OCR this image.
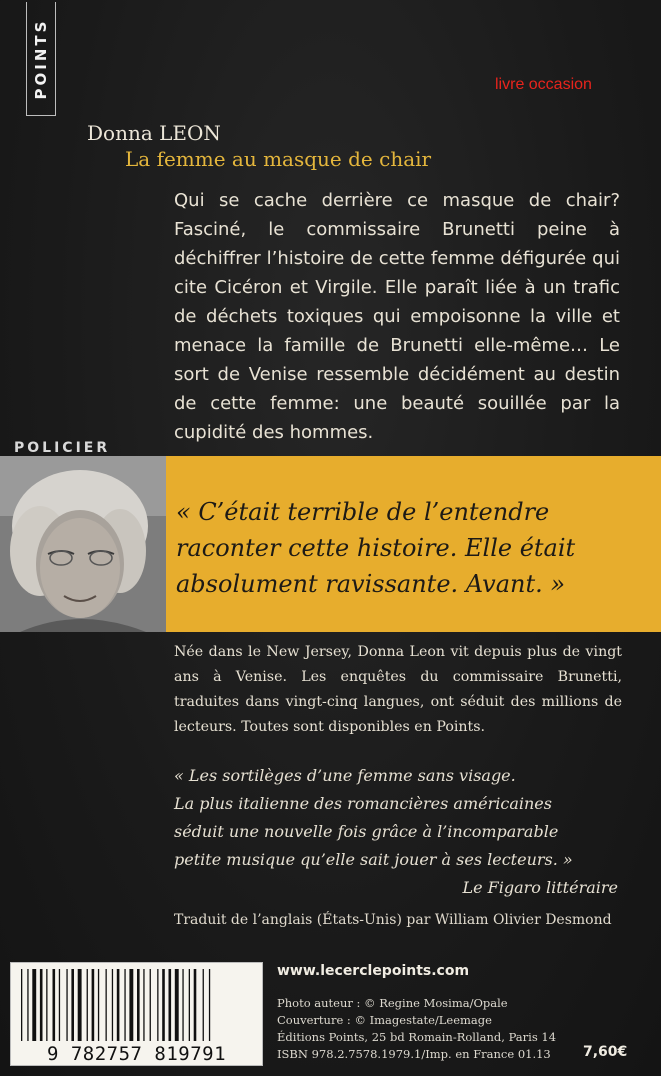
POINTS	livre occasion
Donna LEON
La femme au masque de chair

Qui se cache derrière ce masque de chair? Fasciné, le commissaire Brunetti peine à déchiffrer l’histoire de cette femme défigurée qui cite Cicéron et Virgile. Elle paraît liée à un trafic de déchets toxiques qui empoisonne la ville et menace la famille de Brunetti elle-même… Le sort de Venise ressemble décidément au destin de cette femme: une beauté souillée par la cupidité des hommes.

POLICIER

« C’était terrible de l’entendre raconter cette histoire. Elle était absolument ravissante. Avant. »

Née dans le New Jersey, Donna Leon vit depuis plus de vingt ans à Venise. Les enquêtes du commissaire Brunetti, traduites dans vingt-cinq langues, ont séduit des millions de lecteurs. Toutes sont disponibles en Points.

« Les sortilèges d’une femme sans visage.
La plus italienne des romancières américaines
séduit une nouvelle fois grâce à l’incomparable
petite musique qu’elle sait jouer à ses lecteurs. »
Le Figaro littéraire
Traduit de l’anglais (États-Unis) par William Olivier Desmond
9 782757 819791
www.lecerclepoints.com
Photo auteur : © Regine Mosima/Opale
Couverture : © Imagestate/Leemage
Éditions Points, 25 bd Romain-Rolland, Paris 14
ISBN 978.2.7578.1979.1/Imp. en France 01.13	7,60€
